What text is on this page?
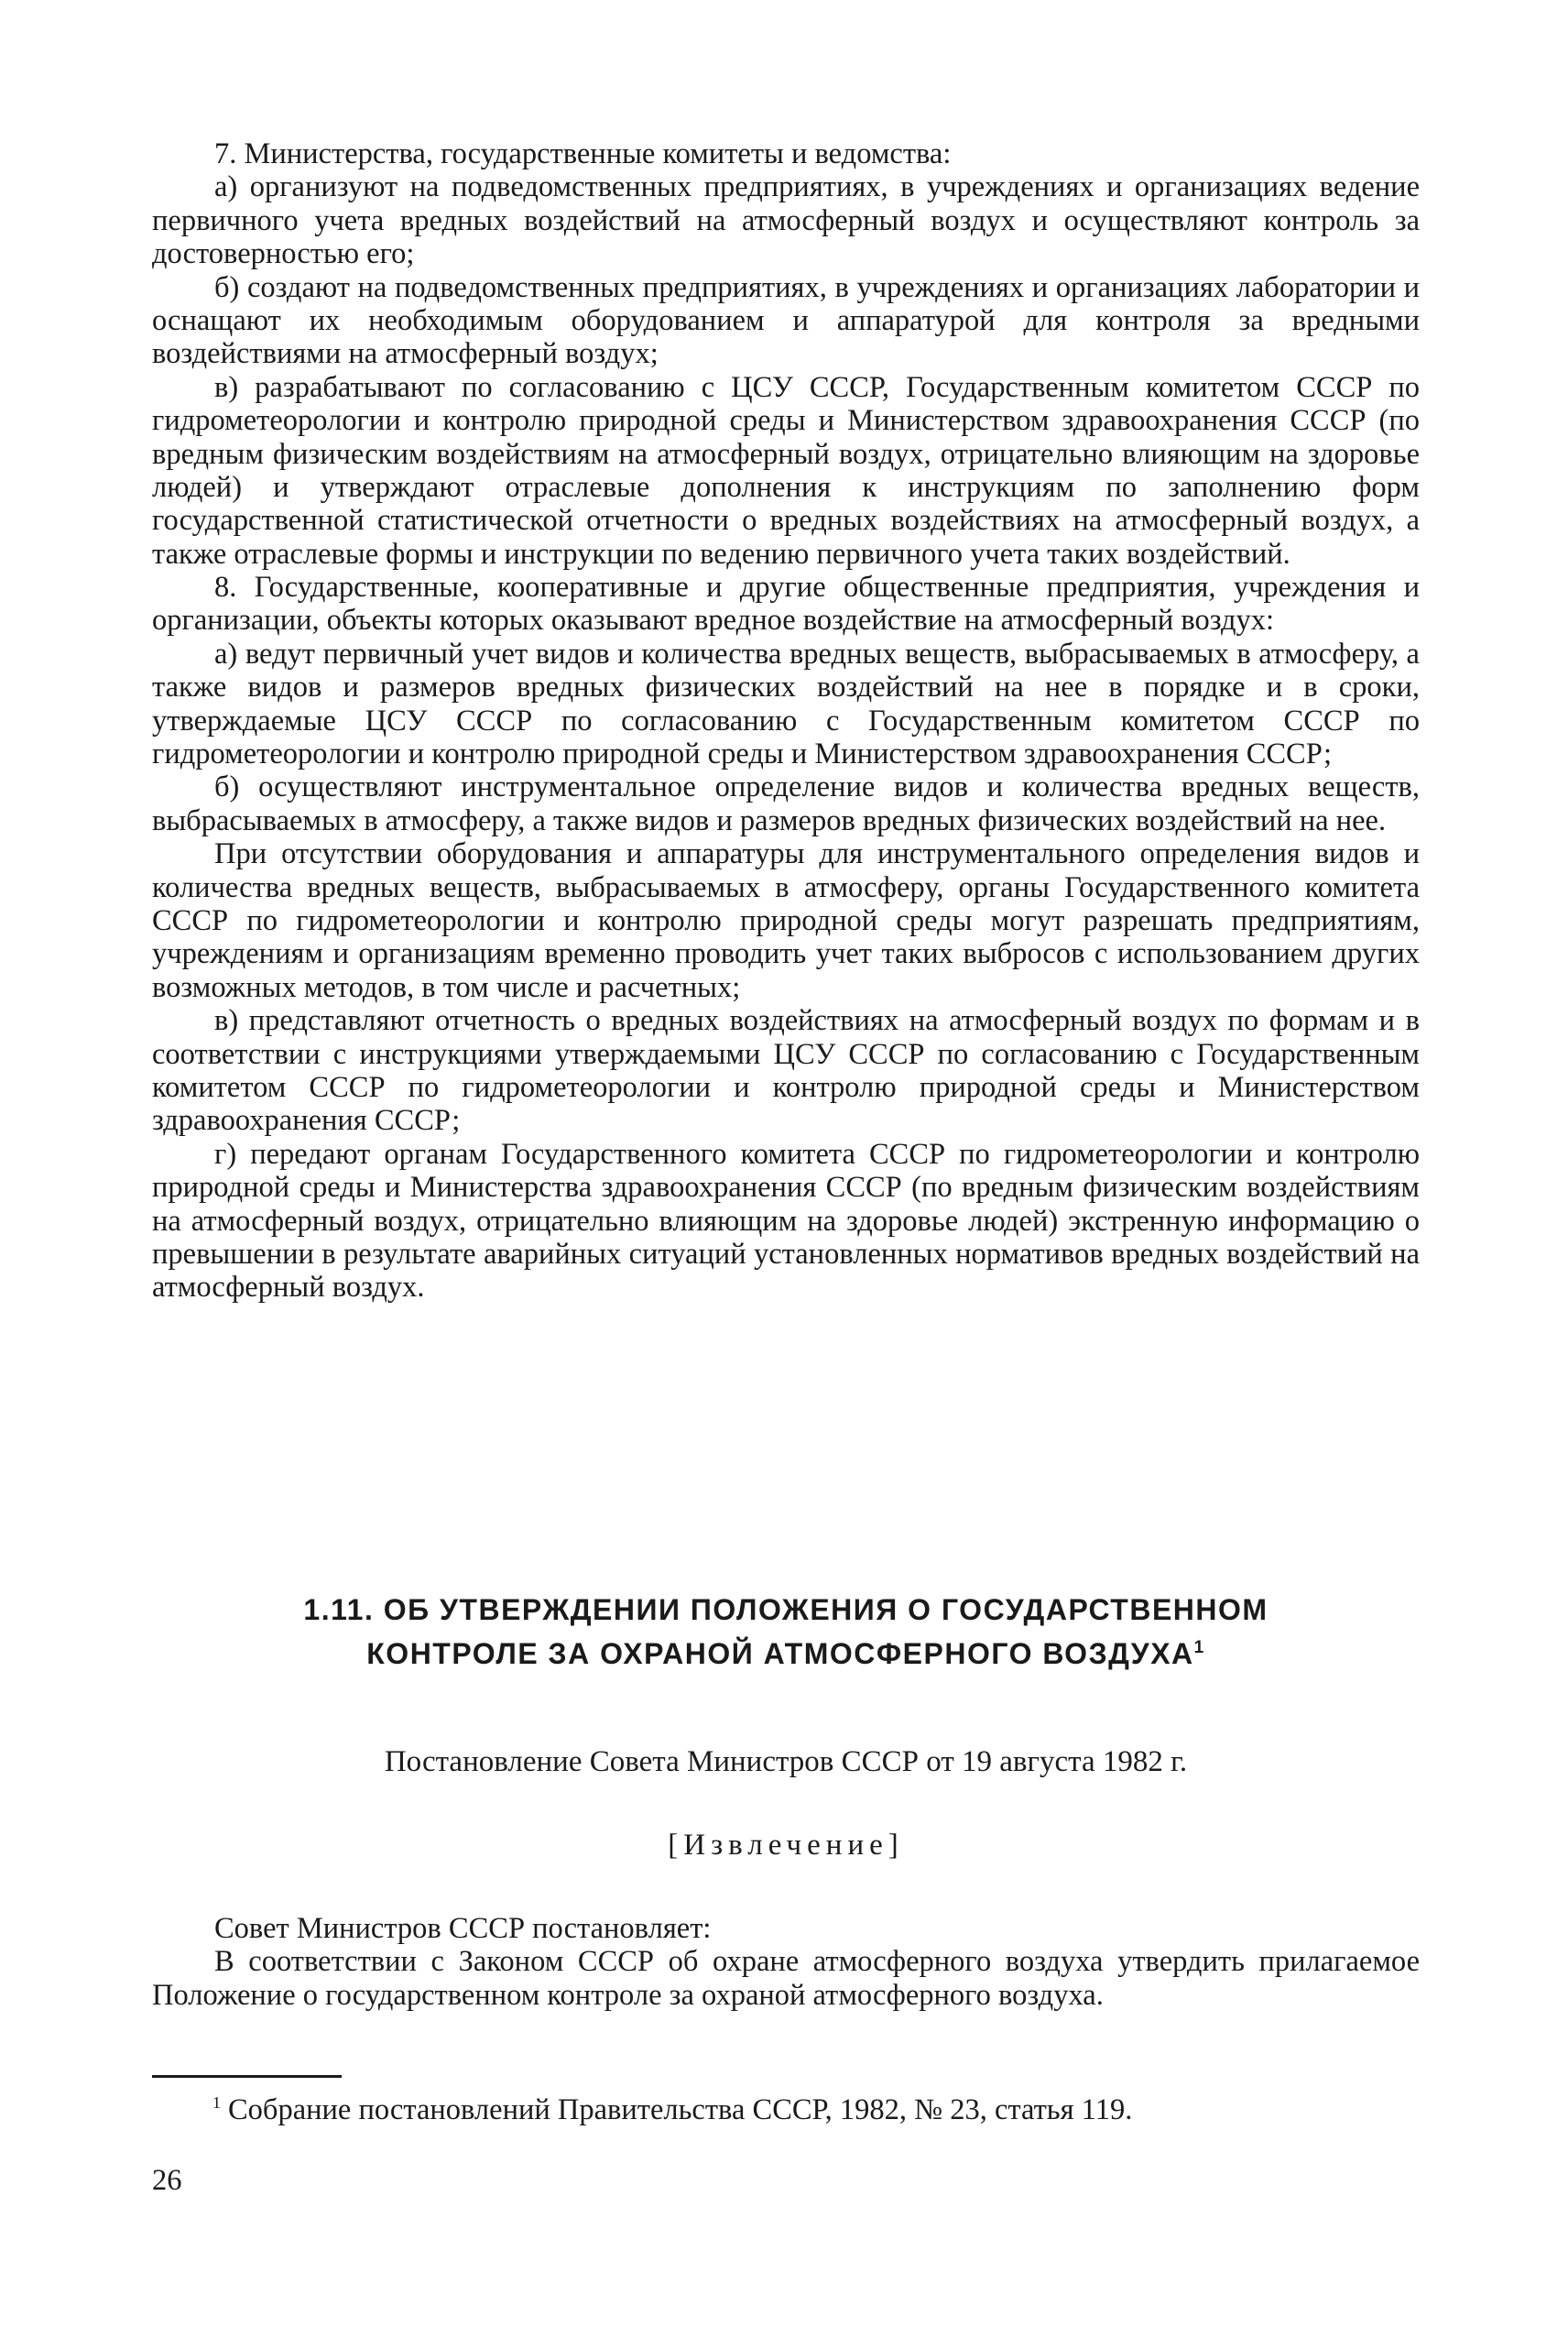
7. Министерства, государственные комитеты и ведомства:

а) организуют на подведомственных предприятиях, в учреждениях и организациях ведение первичного учета вредных воздействий на атмосферный воздух и осуществляют контроль за достоверностью его;

б) создают на подведомственных предприятиях, в учреждениях и организациях лаборатории и оснащают их необходимым оборудованием и аппаратурой для контроля за вредными воздействиями на атмосферный воздух;

в) разрабатывают по согласованию с ЦСУ СССР, Государственным комитетом СССР по гидрометеорологии и контролю природной среды и Министерством здравоохранения СССР (по вредным физическим воздействиям на атмосферный воздух, отрицательно влияющим на здоровье людей) и утверждают отраслевые дополнения к инструкциям по заполнению форм государственной статистической отчетности о вредных воздействиях на атмосферный воздух, а также отраслевые формы и инструкции по ведению первичного учета таких воздействий.

8. Государственные, кооперативные и другие общественные предприятия, учреждения и организации, объекты которых оказывают вредное воздействие на атмосферный воздух:

а) ведут первичный учет видов и количества вредных веществ, выбрасываемых в атмосферу, а также видов и размеров вредных физических воздействий на нее в порядке и в сроки, утверждаемые ЦСУ СССР по согласованию с Государственным комитетом СССР по гидрометеорологии и контролю природной среды и Министерством здравоохранения СССР;

б) осуществляют инструментальное определение видов и количества вредных веществ, выбрасываемых в атмосферу, а также видов и размеров вредных физических воздействий на нее.

При отсутствии оборудования и аппаратуры для инструментального определения видов и количества вредных веществ, выбрасываемых в атмосферу, органы Государственного комитета СССР по гидрометеорологии и контролю природной среды могут разрешать предприятиям, учреждениям и организациям временно проводить учет таких выбросов с использованием других возможных методов, в том числе и расчетных;

в) представляют отчетность о вредных воздействиях на атмосферный воздух по формам и в соответствии с инструкциями утверждаемыми ЦСУ СССР по согласованию с Государственным комитетом СССР по гидрометеорологии и контролю природной среды и Министерством здравоохранения СССР;

г) передают органам Государственного комитета СССР по гидрометеорологии и контролю природной среды и Министерства здравоохранения СССР (по вредным физическим воздействиям на атмосферный воздух, отрицательно влияющим на здоровье людей) экстренную информацию о превышении в результате аварийных ситуаций установленных нормативов вредных воздействий на атмосферный воздух.

1.11. ОБ УТВЕРЖДЕНИИ ПОЛОЖЕНИЯ О ГОСУДАРСТВЕННОМ
КОНТРОЛЕ ЗА ОХРАНОЙ АТМОСФЕРНОГО ВОЗДУХА$^1$
Постановление Совета Министров СССР от 19 августа 1982 г.
[Извлечение]

Совет Министров СССР постановляет:

В соответствии с Законом СССР об охране атмосферного воздуха утвердить прилагаемое Положение о государственном контроле за охраной атмосферного воздуха.

$^1$ Собрание постановлений Правительства СССР, 1982, № 23, статья 119.
26
